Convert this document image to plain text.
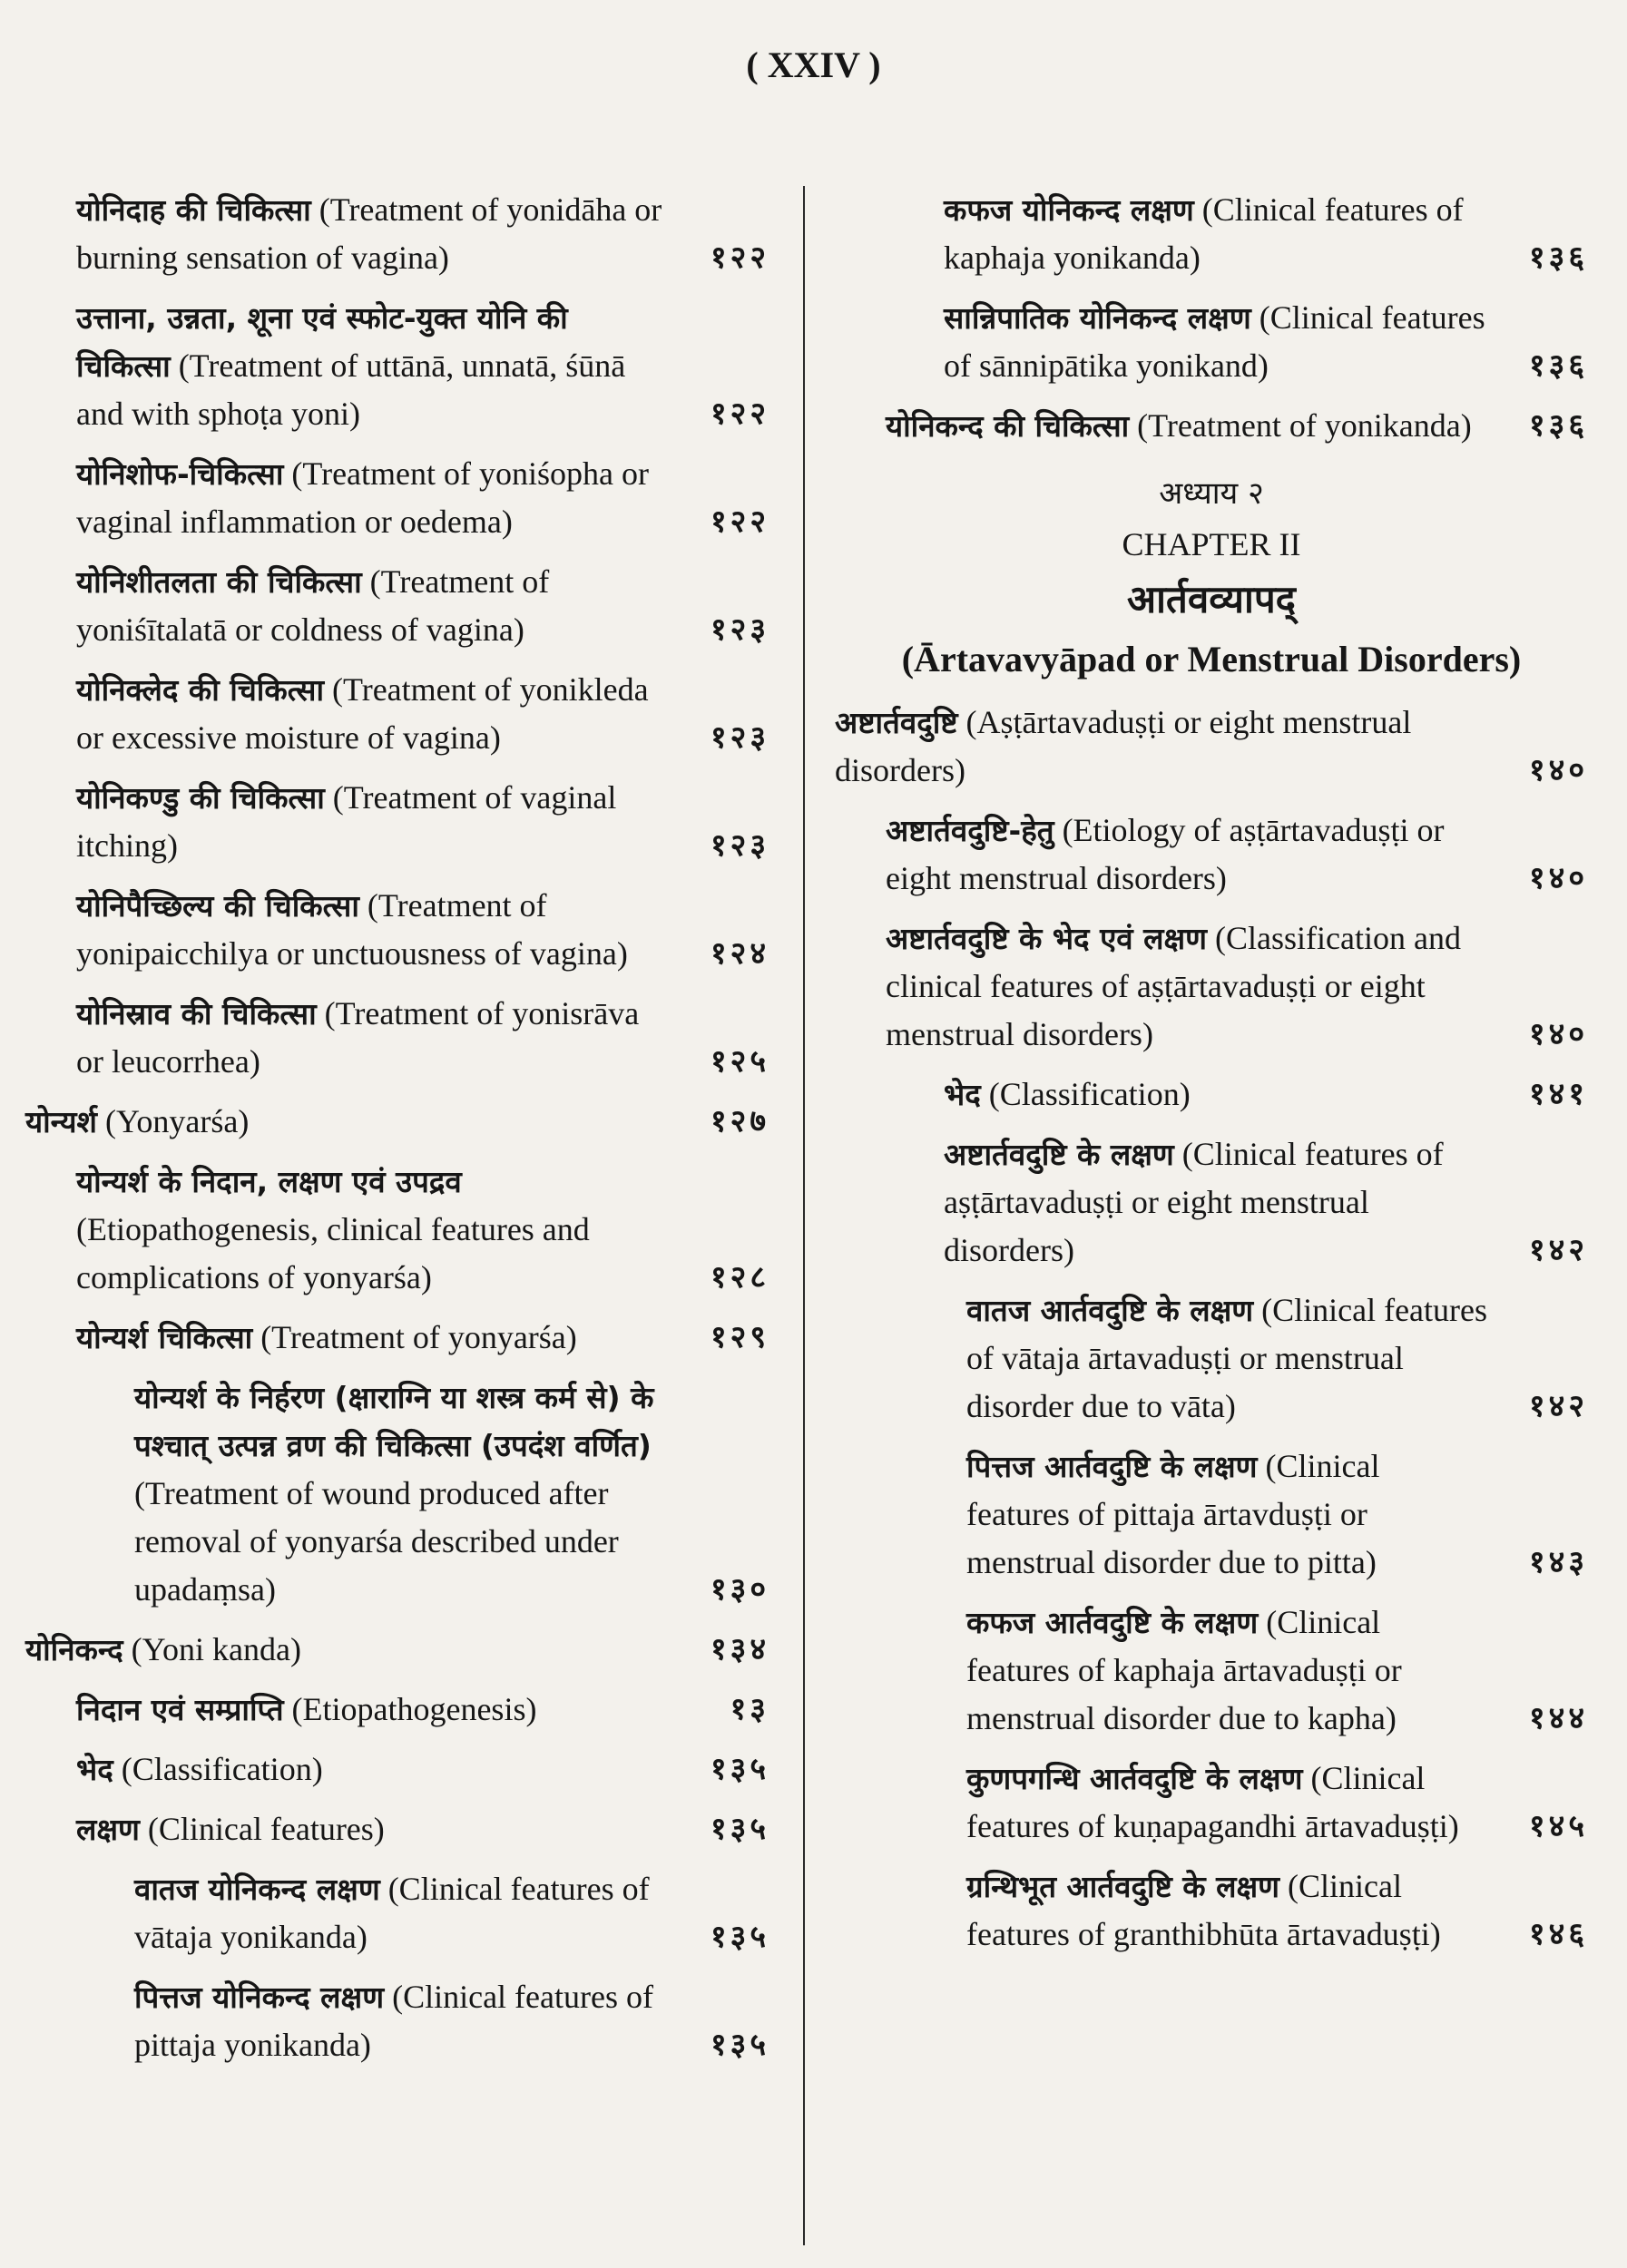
( XXIV )
योनिदाह की चिकित्सा (Treatment of yonidāha or burning sensation of vagina)	१२२
उत्ताना, उन्नता, शूना एवं स्फोट-युक्त योनि की चिकित्सा (Treatment of uttānā, unnatā, śūnā and with sphoṭa yoni)	१२२
योनिशोफ-चिकित्सा (Treatment of yoniśopha or vaginal inflammation or oedema)	१२२
योनिशीतलता की चिकित्सा (Treatment of yoniśītalatā or coldness of vagina)	१२३
योनिक्लेद की चिकित्सा (Treatment of yonikleda or excessive moisture of vagina)	१२३
योनिकण्डु की चिकित्सा (Treatment of vaginal itching)	१२३
योनिपैच्छिल्य की चिकित्सा (Treatment of yonipaicchilya or unctuousness of vagina)	१२४
योनिस्राव की चिकित्सा (Treatment of yonisrāva or leucorrhea)	१२५
योन्यर्श (Yonyarśa)	१२७
योन्यर्श के निदान, लक्षण एवं उपद्रव (Etiopathogenesis, clinical features and complications of yonyarśa)	१२८
योन्यर्श चिकित्सा (Treatment of yonyarśa)	१२९
योन्यर्श के निर्हरण (क्षाराग्नि या शस्त्र कर्म से) के पश्चात् उत्पन्न व्रण की चिकित्सा (उपदंश वर्णित) (Treatment of wound produced after removal of yonyarśa described under upadaṃsa)	१३०
योनिकन्द (Yoni kanda)	१३४
निदान एवं सम्प्राप्ति (Etiopathogenesis)	१३
भेद (Classification)	१३५
लक्षण (Clinical features)	१३५
वातज योनिकन्द लक्षण (Clinical features of vātaja yonikanda)	१३५
पित्तज योनिकन्द लक्षण (Clinical features of pittaja yonikanda)	१३५
कफज योनिकन्द लक्षण (Clinical features of kaphaja yonikanda)	१३६
सान्निपातिक योनिकन्द लक्षण (Clinical features of sānnipātika yonikand)	१३६
योनिकन्द की चिकित्सा (Treatment of yonikanda)	१३६
अध्याय २
CHAPTER II
आर्तवव्यापद्
(Ārtavavyāpad or Menstrual Disorders)
अष्टार्तवदुष्टि (Aṣṭārtavaduṣṭi or eight menstrual disorders)	१४०
अष्टार्तवदुष्टि-हेतु (Etiology of aṣṭārtavaduṣṭi or eight menstrual disorders)	१४०
अष्टार्तवदुष्टि के भेद एवं लक्षण (Classification and clinical features of aṣṭārtavaduṣṭi or eight menstrual disorders)	१४०
भेद (Classification)	१४१
अष्टार्तवदुष्टि के लक्षण (Clinical features of aṣṭārtavaduṣṭi or eight menstrual disorders)	१४२
वातज आर्तवदुष्टि के लक्षण (Clinical features of vātaja ārtavaduṣṭi or menstrual disorder due to vāta)	१४२
पित्तज आर्तवदुष्टि के लक्षण (Clinical features of pittaja ārtavduṣṭi or menstrual disorder due to pitta)	१४३
कफज आर्तवदुष्टि के लक्षण (Clinical features of kaphaja ārtavaduṣṭi or menstrual disorder due to kapha)	१४४
कुणपगन्धि आर्तवदुष्टि के लक्षण (Clinical features of kuṇapagandhi ārtavaduṣṭi)	१४५
ग्रन्थिभूत आर्तवदुष्टि के लक्षण (Clinical features of granthibhūta ārtavaduṣṭi)	१४६
